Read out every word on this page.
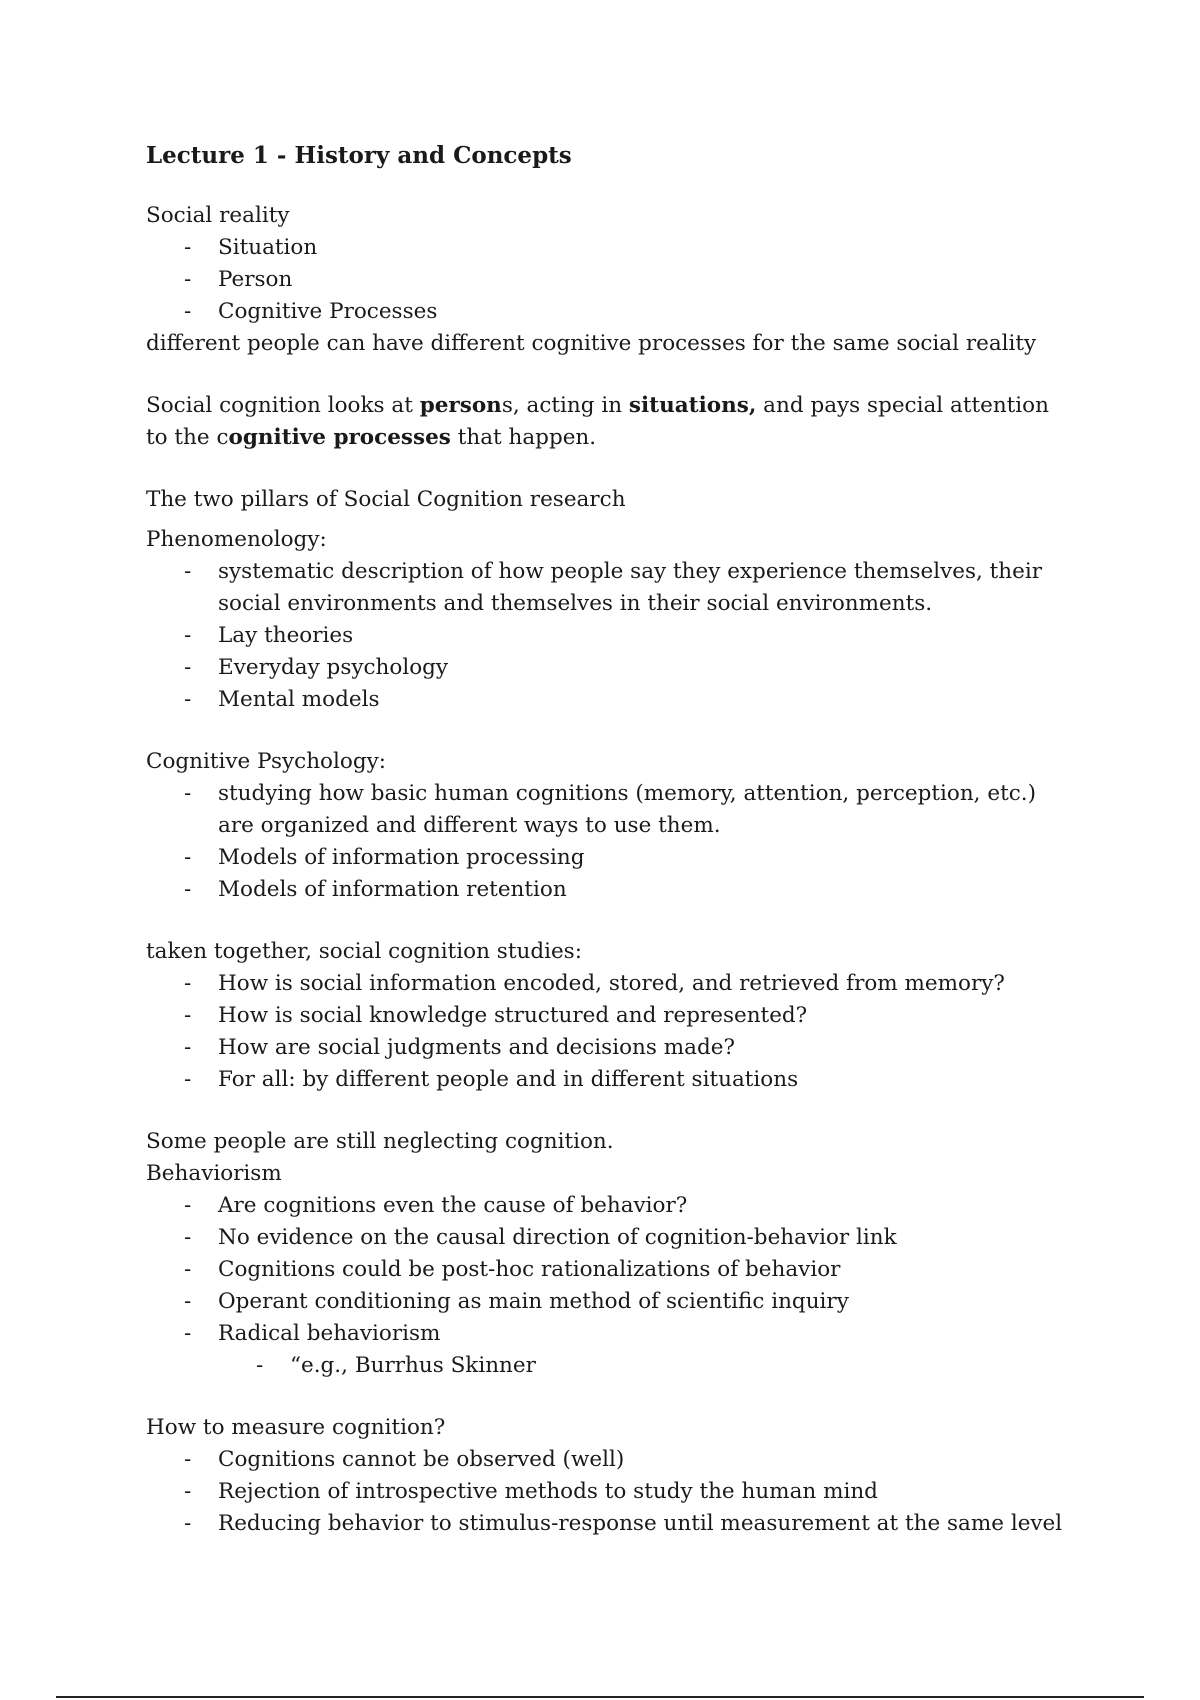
Lecture 1 - History and Concepts

Social reality

- Situation
- Person
- Cognitive Processes

different people can have different cognitive processes for the same social reality

Social cognition looks at persons, acting in situations, and pays special attention to the cognitive processes that happen.

The two pillars of Social Cognition research

Phenomenology:

- systematic description of how people say they experience themselves, their social environments and themselves in their social environments.
- Lay theories
- Everyday psychology
- Mental models

Cognitive Psychology:

- studying how basic human cognitions (memory, attention, perception, etc.) are organized and different ways to use them.
- Models of information processing
- Models of information retention

taken together, social cognition studies:

- How is social information encoded, stored, and retrieved from memory?
- How is social knowledge structured and represented?
- How are social judgments and decisions made?
- For all: by different people and in different situations

Some people are still neglecting cognition.

Behaviorism

- Are cognitions even the cause of behavior?
- No evidence on the causal direction of cognition-behavior link
- Cognitions could be post-hoc rationalizations of behavior
- Operant conditioning as main method of scientific inquiry
- Radical behaviorism
- “e.g., Burrhus Skinner

How to measure cognition?

- Cognitions cannot be observed (well)
- Rejection of introspective methods to study the human mind
- Reducing behavior to stimulus-response until measurement at the same level
